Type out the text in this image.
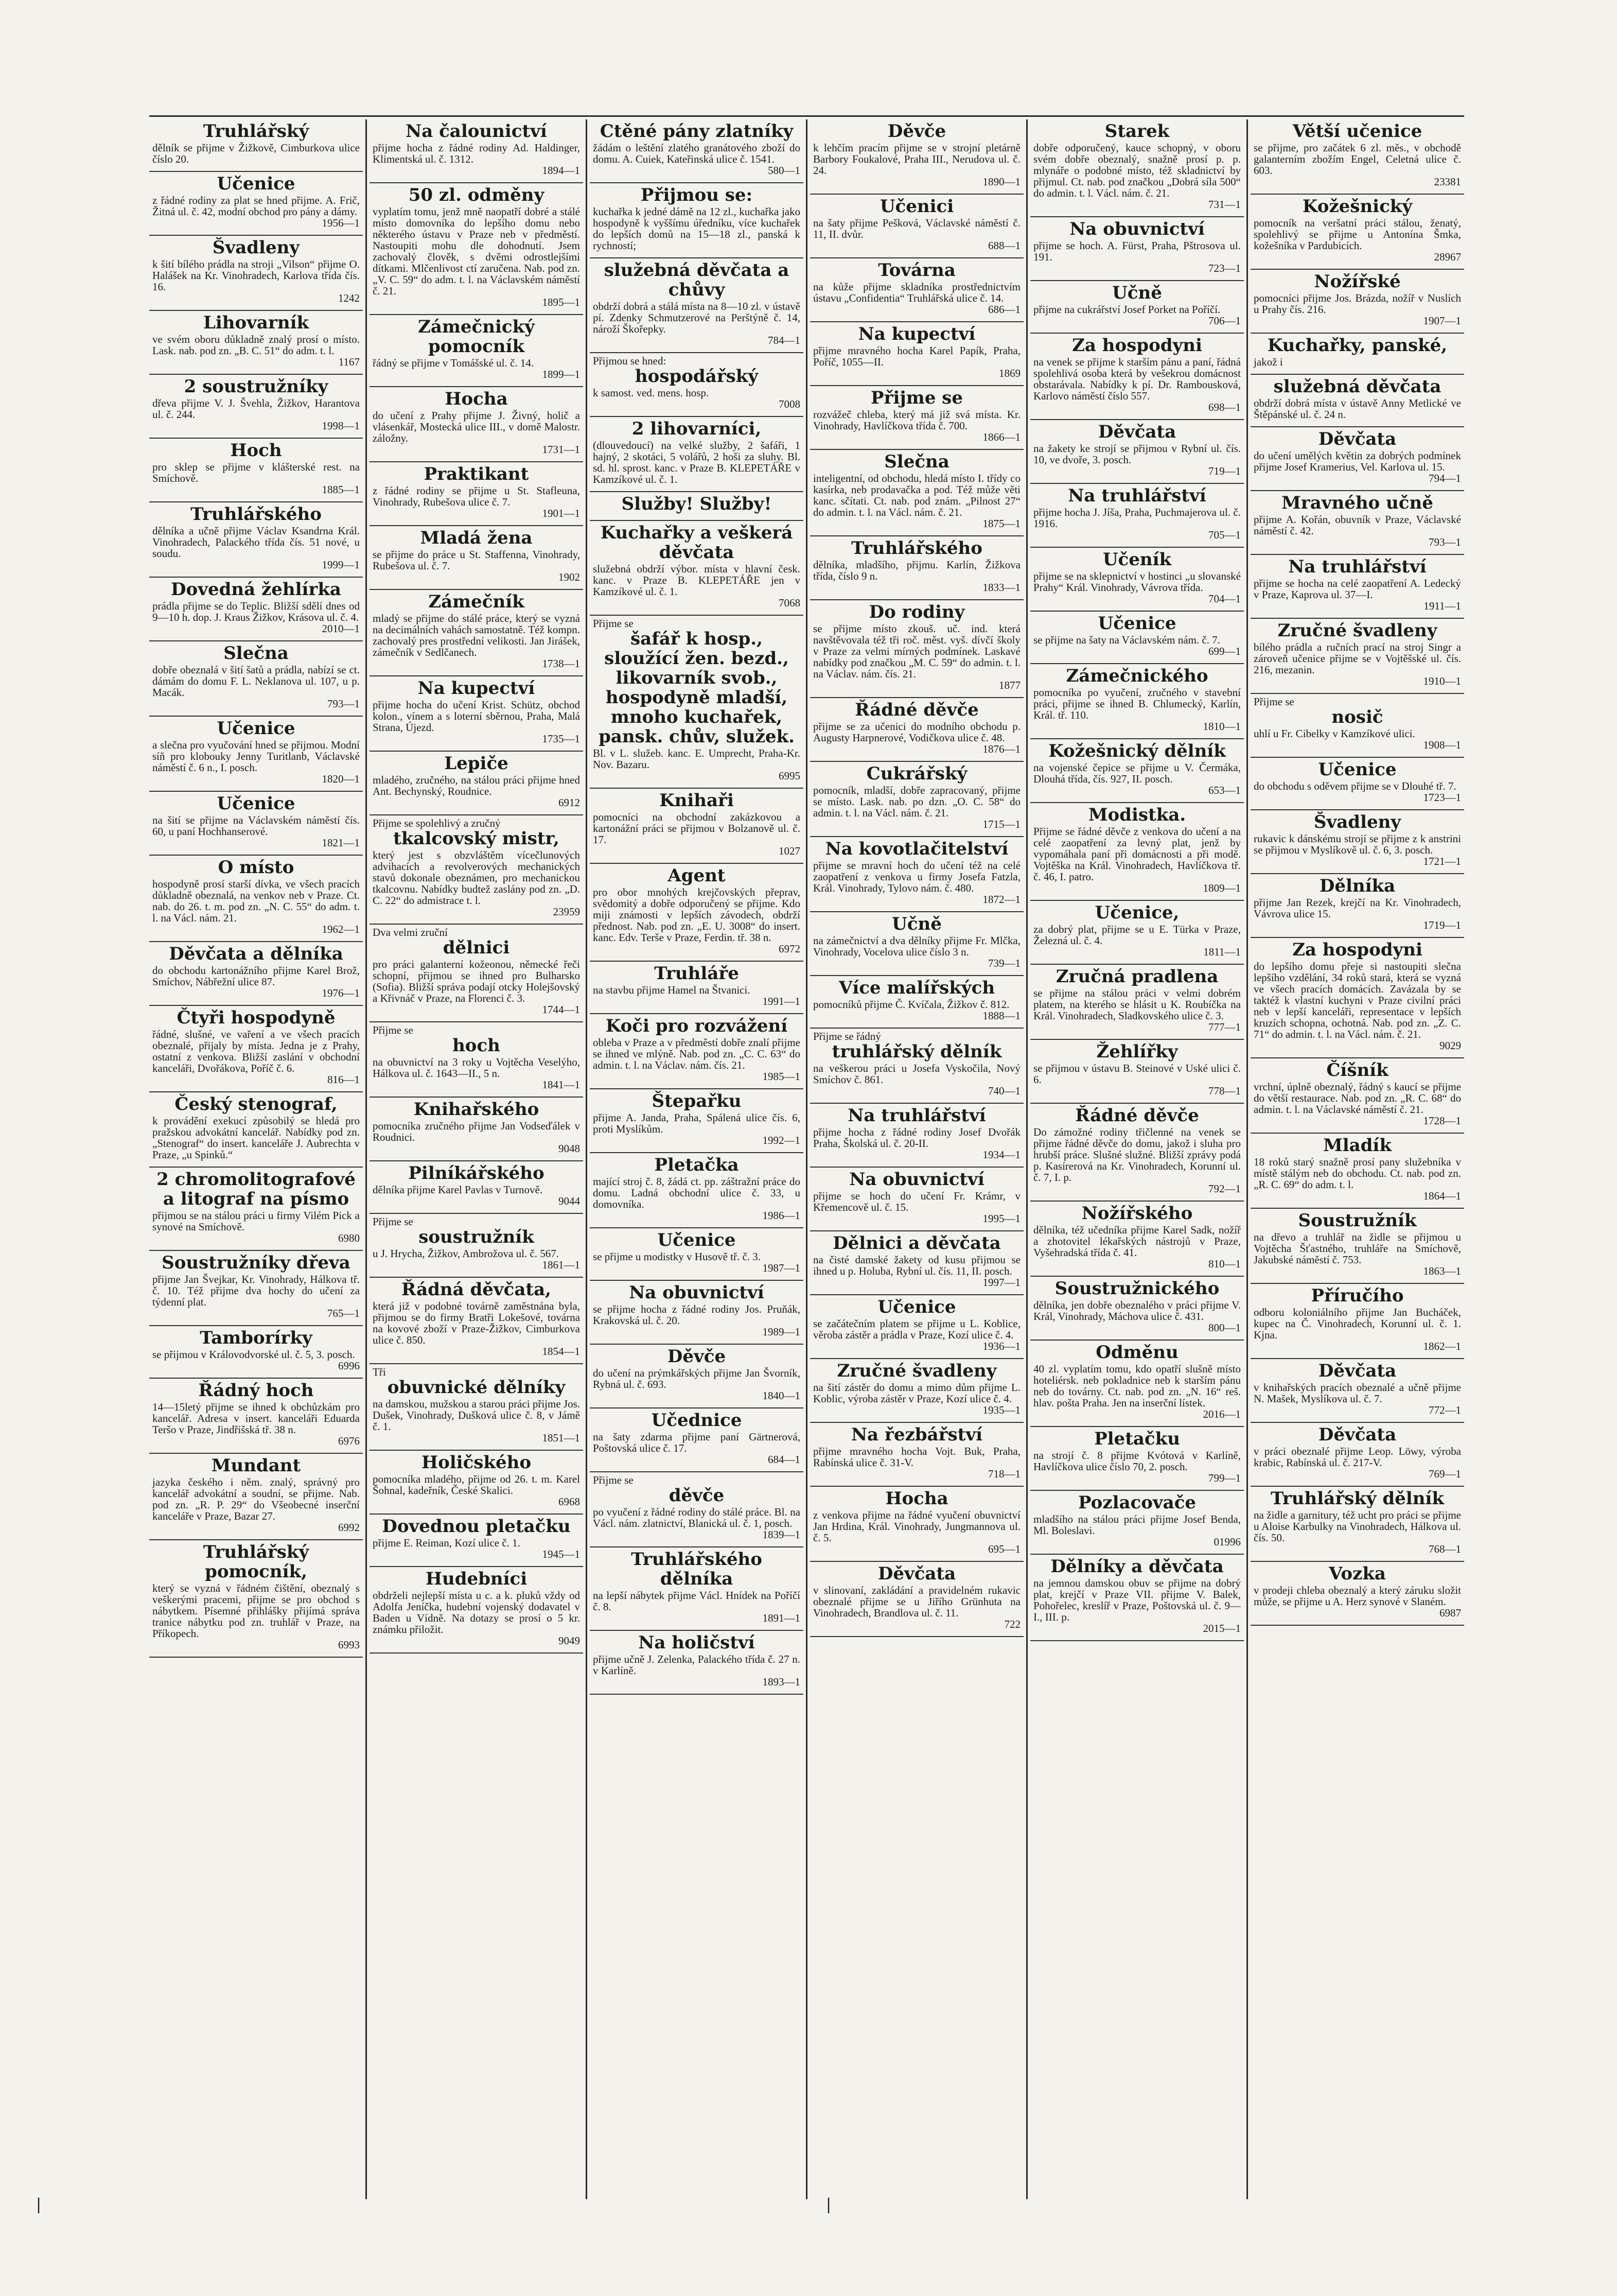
Truhlářský

dělník se přijme v Žižkově, Cimburkova ulice číslo 20.

Učenice

z řádné rodiny za plat se hned přijme. A. Frič, Žitná ul. č. 42, modní obchod pro pány a dámy.

1956—1
Švadleny

k šití bílého prádla na stroji „Vilson“ přijme O. Halášek na Kr. Vinohradech, Karlova třída čís. 16.

1242
Lihovarník

ve svém oboru důkladně znalý prosí o místo. Lask. nab. pod zn. „B. C. 51“ do adm. t. l.

1167
2 soustružníky

dřeva přijme V. J. Švehla, Žižkov, Harantova ul. č. 244.

1998—1
Hoch

pro sklep se přijme v klášterské rest. na Smíchově.

1885—1
Truhlářského

dělníka a učně přijme Václav Ksandrna Král. Vinohradech, Palackého třída čís. 51 nové, u soudu.

1999—1
Dovedná žehlírka

prádla přijme se do Teplic. Bližší sdělí dnes od 9—10 h. dop. J. Kraus Žižkov, Krásova ul. č. 4.

2010—1
Slečna

dobře obeznalá v šití šatů a prádla, nabízí se ct. dámám do domu F. L. Neklanova ul. 107, u p. Macák.

793—1
Učenice

a slečna pro vyučování hned se přijmou. Modní síň pro klobouky Jenny Turitlanb, Václavské náměstí č. 6 n., I. posch.

1820—1
Učenice

na šití se přijme na Václavském náměstí čís. 60, u paní Hochhanserové.

1821—1
O místo

hospodyně prosí starší dívka, ve všech pracích důkladně obeznalá, na venkov neb v Praze. Ct. nab. do 26. t. m. pod zn. „N. C. 55“ do adm. t. l. na Václ. nám. 21.

1962—1
Děvčata a dělníka

do obchodu kartonážního přijme Karel Brož, Smíchov, Nábřežní ulice 87.

1976—1
Čtyři hospodyně

řádné, slušné, ve vaření a ve všech pracích obeznalé, přijaly by místa. Jedna je z Prahy, ostatní z venkova. Bližší zaslání v obchodní kanceláři, Dvořákova, Poříč č. 6.

816—1
Český stenograf,

k provádění exekucí způsobilý se hledá pro pražskou advokátní kancelář. Nabídky pod zn. „Stenograf“ do insert. kanceláře J. Aubrechta v Praze, „u Spinků.“

2 chromolitografové a litograf na písmo

přijmou se na stálou práci u firmy Vilém Pick a synové na Smíchově.

6980
Soustružníky dřeva

přijme Jan Švejkar, Kr. Vinohrady, Hálkova tř. č. 10. Též přijme dva hochy do učení za týdenní plat.

765—1
Tamborírky

se přijmou v Královodvorské ul. č. 5, 3. posch.

6996
Řádný hoch

14—15letý přijme se ihned k obchůzkám pro kancelář. Adresa v insert. kanceláři Eduarda Teršo v Praze, Jindřišská tř. 38 n.

6976
Mundant

jazyka českého i něm. znalý, správný pro kancelář advokátní a soudní, se přijme. Nab. pod zn. „R. P. 29“ do Všeobecné inserční kanceláře v Praze, Bazar 27.

6992
Truhlářský pomocník,

který se vyzná v řádném čištění, obeznalý s veškerými pracemi, přijme se pro obchod s nábytkem. Písemné přihlášky přijímá správa tranice nábytku pod zn. truhlář v Praze, na Příkopech.

6993
Na čalounictví

přijme hocha z řádné rodiny Ad. Haldinger, Klimentská ul. č. 1312.

1894—1
50 zl. odměny

vyplatím tomu, jenž mně naopatří dobré a stálé místo domovníka do lepšího domu nebo některého ústavu v Praze neb v předměstí. Nastoupiti mohu dle dohodnutí. Jsem zachovalý člověk, s dvěmi odrostlejšími dítkami. Mlčenlivost ctí zaručena. Nab. pod zn. „V. C. 59“ do adm. t. l. na Václavském náměstí č. 21.

1895—1
Zámečnický pomocník

řádný se přijme v Tomášské ul. č. 14.

1899—1
Hocha

do učení z Prahy přijme J. Živný, holič a vlásenkář, Mostecká ulice III., v domě Malostr. záložny.

1731—1
Praktikant

z řádné rodiny se přijme u St. Stafleuna, Vinohrady, Rubešova ulice č. 7.

1901—1
Mladá žena

se přijme do práce u St. Staffenna, Vinohrady, Rubešova ul. č. 7.

1902
Zámečník

mladý se přijme do stálé práce, který se vyzná na decimálních vahách samostatně. Též kompn. zachovalý pres prostřední velikosti. Jan Jirášek, zámečník v Sedlčanech.

1738—1
Na kupectví

přijme hocha do učení Krist. Schütz, obchod kolon., vínem a s loterní sběrnou, Praha, Malá Strana, Újezd.

1735—1
Lepiče

mladého, zručného, na stálou práci přijme hned Ant. Bechynský, Roudnice.

6912
Přijme se spolehlivý a zručný
tkalcovský mistr,

který jest s obzvláštěm vícečlunových advihacích a revolverových mechanických stavů dokonale obeznámen, pro mechanickou tkalcovnu. Nabídky budtež zaslány pod zn. „D. C. 22“ do admistrace t. l.

23959
Dva velmi zruční
dělnici

pro práci galanterní kožeonou, německé řeči schopní, přijmou se ihned pro Bulharsko (Sofia). Bližší správa podají otcky Holejšovský a Křivnáč v Praze, na Florenci č. 3.

1744—1
Přijme se
hoch

na obuvnictví na 3 roky u Vojtěcha Veselýho, Hálkova ul. č. 1643—II., 5 n.

1841—1
Knihařského

pomocníka zručného přijme Jan Vodseďálek v Roudnici.

9048
Pilníkářského

dělníka přijme Karel Pavlas v Turnově.

9044
Přijme se
soustružník

u J. Hrycha, Žižkov, Ambrožova ul. č. 567.

1861—1
Řádná děvčata,

která již v podobné továrně zaměstnána byla, přijmou se do firmy Bratři Lokešové, továrna na kovové zboží v Praze-Žižkov, Cimburkova ulice č. 850.

1854—1
Tři
obuvnické dělníky

na damskou, mužskou a starou práci přijme Jos. Dušek, Vinohrady, Dušková ulice č. 8, v Jámě č. 1.

1851—1
Holičského

pomocníka mladého, přijme od 26. t. m. Karel Šohnal, kadeřník, České Skalici.

6968
Dovednou pletačku

přijme E. Reiman, Kozí ulice č. 1.

1945—1
Hudebníci

obdrželi nejlepší místa u c. a k. pluků vždy od Adolfa Jeníčka, hudební vojenský dodavatel v Baden u Vídně. Na dotazy se prosí o 5 kr. známku přiložit.

9049
Ctěné pány zlatníky

žádám o leštění zlatého granátového zboží do domu. A. Cuiek, Kateřinská ulice č. 1541.

580—1
Přijmou se:

kuchařka k jedné dámě na 12 zl., kuchařka jako hospodyně k vyššímu úředníku, více kuchařek do lepších domů na 15—18 zl., panská k rychností;

služebná děvčata a chůvy

obdrží dobrá a stálá místa na 8—10 zl. v ústavě pí. Zdenky Schmutzerové na Perštýně č. 14, nároží Škořepky.

784—1
Přijmou se hned:
hospodářský

k samost. ved. mens. hosp.

7008
2 lihovarníci,

(dlouvedoucí) na velké služby, 2 šafáři, 1 hajný, 2 skotáci, 5 volářů, 2 hoši za sluhy. Bl. sd. hl. sprost. kanc. v Praze B. KLEPETÁŘE v Kamzíkové ul. č. 1.

Služby! Služby!
Kuchařky a veškerá děvčata

služebná obdrží výbor. místa v hlavní česk. kanc. v Praze B. KLEPETÁŘE jen v Kamzíkové ul. č. 1.

7068
Přijme se
šafář k hosp., sloužící žen. bezd., likovarník svob., hospodyně mladší, mnoho kuchařek, pansk. chův, služek.

Bl. v L. služeb. kanc. E. Umprecht, Praha-Kr. Nov. Bazaru.

6995
Knihaři

pomocníci na obchodní zakázkovou a kartonážní práci se přijmou v Bolzanově ul. č. 17.

1027
Agent

pro obor mnohých krejčovských přeprav, svědomitý a dobře odporučený se přijme. Kdo miji známosti v lepších závodech, obdrží přednost. Nab. pod zn. „E. U. 3008“ do insert. kanc. Edv. Terše v Praze, Ferdin. tř. 38 n.

6972
Truhláře

na stavbu přijme Hamel na Štvanici.

1991—1
Koči pro rozvážení

obleba v Praze a v předměstí dobře znalí přijme se ihned ve mlýně. Nab. pod zn. „C. C. 63“ do admin. t. l. na Václav. nám. čís. 21.

1985—1
Štepařku

přijme A. Janda, Praha, Spálená ulice čís. 6, proti Myslíkům.

1992—1
Pletačka

mající stroj č. 8, žádá ct. pp. záštražní práce do domu. Ladná obchodní ulice č. 33, u domovníka.

1986—1
Učenice

se přijme u modistky v Husově tř. č. 3.

1987—1
Na obuvnictví

se přijme hocha z řádné rodiny Jos. Pruňák, Krakovská ul. č. 20.

1989—1
Děvče

do učení na prýmkářských přijme Jan Švorník, Rybná ul. č. 693.

1840—1
Učednice

na šaty zdarma přijme paní Gärtnerová, Poštovská ulice č. 17.

684—1
Přijme se
děvče

po vyučení z řádné rodiny do stálé práce. Bl. na Václ. nám. zlatnictví, Blanická ul. č. 1, posch.

1839—1
Truhlářského dělníka

na lepší nábytek přijme Václ. Hnídek na Poříčí č. 8.

1891—1
Na holičství

přijme učně J. Zelenka, Palackého třída č. 27 n. v Karlíně.

1893—1
Děvče

k lehčím pracím přijme se v strojní pletárně Barbory Foukalové, Praha III., Nerudova ul. č. 24.

1890—1
Učenici

na šaty přijme Pešková, Václavské náměstí č. 11, II. dvůr.

688—1
Továrna

na kůže přijme skladníka prostřednictvím ústavu „Confidentia“ Truhlářská ulice č. 14.

686—1
Na kupectví

přijme mravného hocha Karel Papík, Praha, Poříč, 1055—II.

1869
Přijme se

rozvážeč chleba, který má již svá místa. Kr. Vinohrady, Havlíčkova třída č. 700.

1866—1
Slečna

inteligentní, od obchodu, hledá místo I. třídy co kasírka, neb prodavačka a pod. Též může věti kanc. sčítati. Ct. nab. pod znám. „Pilnost 27“ do admin. t. l. na Václ. nám. č. 21.

1875—1
Truhlářského

dělníka, mladšího, přijmu. Karlín, Žižkova třída, číslo 9 n.

1833—1
Do rodiny

se přijme místo zkouš. uč. ind. která navštěvovala též tři roč. měst. vyš. dívčí školy v Praze za velmi mírných podmínek. Laskavé nabídky pod značkou „M. C. 59“ do admin. t. l. na Václav. nám. čís. 21.

1877
Řádné děvče

přijme se za učenici do modního obchodu p. Augusty Harpnerové, Vodičkova ulice č. 48.

1876—1
Cukrářský

pomocník, mladší, dobře zapracovaný, přijme se místo. Lask. nab. po dzn. „O. C. 58“ do admin. t. l. na Václ. nám. č. 21.

1715—1
Na kovotlačitelství

přijme se mravní hoch do učení též na celé zaopatření z venkova u firmy Josefa Fatzla, Král. Vinohrady, Tylovo nám. č. 480.

1872—1
Učně

na zámečnictví a dva dělníky přijme Fr. Mlčka, Vinohrady, Vocelova ulice číslo 3 n.

739—1
Více malířských

pomocníků přijme Č. Kvíčala, Žižkov č. 812.

1888—1
Přijme se řádný
truhlářský dělník

na veškerou práci u Josefa Vyskočila, Nový Smíchov č. 861.

740—1
Na truhlářství

přijme hocha z řádné rodiny Josef Dvořák Praha, Školská ul. č. 20-II.

1934—1
Na obuvnictví

přijme se hoch do učení Fr. Krámr, v Křemencově ul. č. 15.

1995—1
Dělnici a děvčata

na čisté damské žakety od kusu přijmou se ihned u p. Holuba, Rybní ul. čís. 11, II. posch.

1997—1
Učenice

se začátečním platem se přijme u L. Koblice, věroba zástěr a prádla v Praze, Kozí ulice č. 4.

1936—1
Zručné švadleny

na šití zástěr do domu a mimo dům přijme L. Koblic, výroba zástěr v Praze, Kozí ulice č. 4.

1935—1
Na řezbářství

přijme mravného hocha Vojt. Buk, Praha, Rabínská ulice č. 31-V.

718—1
Hocha

z venkova přijme na řádné vyučení obuvnictví Jan Hrdina, Král. Vinohrady, Jungmannova ul. č. 5.

695—1
Děvčata

v slinovaní, zakládání a pravidelném rukavic obeznalé přijme se u Jiřího Grünhuta na Vinohradech, Brandlova ul. č. 11.

722
Starek

dobře odporučený, kauce schopný, v oboru svém dobře obeznalý, snažně prosí p. p. mlynáře o podobné místo, též skladnictví by přijmul. Ct. nab. pod značkou „Dobrá síla 500“ do admin. t. l. Václ. nám. č. 21.

731—1
Na obuvnictví

přijme se hoch. A. Fürst, Praha, Pštrosova ul. 191.

723—1
Učně

přijme na cukrářství Josef Porket na Poříčí.

706—1
Za hospodyni

na venek se přijme k starším pánu a paní, řádná spolehlivá osoba která by vešekrou domácnost obstarávala. Nabídky k pí. Dr. Rambousková, Karlovo náměstí číslo 557.

698—1
Děvčata

na žakety ke strojí se přijmou v Rybní ul. čís. 10, ve dvoře, 3. posch.

719—1
Na truhlářství

přijme hocha J. Jíša, Praha, Puchmajerova ul. č. 1916.

705—1
Učeník

přijme se na sklepnictví v hostinci „u slovanské Prahy“ Král. Vinohrady, Vávrova třída.

704—1
Učenice

se přijme na šaty na Václavském nám. č. 7.

699—1
Zámečnického

pomocníka po vyučení, zručného v stavební práci, přijme se ihned B. Chlumecký, Karlín, Král. tř. 110.

1810—1
Kožešnický dělník

na vojenské čepice se přijme u V. Čermáka, Dlouhá třída, čís. 927, II. posch.

653—1
Modistka.

Přijme se řádné děvče z venkova do učení a na celé zaopatření za levný plat, jenž by vypomáhala paní při domácnosti a při modě. Vojtěška na Král. Vinohradech, Havlíčkova tř. č. 46, I. patro.

1809—1
Učenice,

za dobrý plat, přijme se u E. Türka v Praze, Železná ul. č. 4.

1811—1
Zručná pradlena

se přijme na stálou práci v velmi dobrém platem, na kterého se hlásit u K. Roubíčka na Král. Vinohradech, Sladkovského ulice č. 3.

777—1
Žehlířky

se přijmou v ústavu B. Steinové v Uské ulici č. 6.

778—1
Řádné děvče

Do zámožné rodiny třičlenné na venek se přijme řádné děvče do domu, jakož i sluha pro hrubší práce. Slušné služné. Bližší zprávy podá p. Kasírerová na Kr. Vinohradech, Korunní ul. č. 7, I. p.

792—1
Nožířského

dělníka, též učedníka přijme Karel Sadk, nožíř a zhotovitel lékařských nástrojů v Praze, Vyšehradská třída č. 41.

810—1
Soustružnického

dělníka, jen dobře obeznalého v práci přijme V. Král, Vinohrady, Máchova ulice č. 431.

800—1
Odměnu

40 zl. vyplatím tomu, kdo opatří slušně místo hoteliérsk. neb pokladnice neb k starším pánu neb do továrny. Ct. nab. pod zn. „N. 16“ reš. hlav. pošta Praha. Jen na inserční lístek.

2016—1
Pletačku

na strojí č. 8 přijme Kvótová v Karlíně, Havlíčkova ulice číslo 70, 2. posch.

799—1
Pozlacovače

mladšího na stálou práci přijme Josef Benda, Ml. Boleslavi.

01996
Dělníky a děvčata

na jemnou damskou obuv se přijme na dobrý plat, krejčí v Praze VII. přijme V. Balek, Pohořelec, kreslíř v Praze, Poštovská ul. č. 9—I., III. p.

2015—1
Větší učenice

se přijme, pro začátek 6 zl. měs., v obchodě galanterním zbožím Engel, Celetná ulice č. 603.

23381
Kožešnický

pomocník na veršatní práci stálou, ženatý, spolehlivý se přijme u Antonína Šmka, kožešníka v Pardubicích.

28967
Nožířské

pomocníci přijme Jos. Brázda, nožíř v Nuslích u Prahy čís. 216.

1907—1
Kuchařky, panské,

jakož i

služebná děvčata

obdrží dobrá místa v ústavě Anny Metlické ve Štěpánské ul. č. 24 n.

Děvčata

do učení umělých květin za dobrých podmínek přijme Josef Kramerius, Vel. Karlova ul. 15.

794—1
Mravného učně

přijme A. Kořán, obuvník v Praze, Václavské náměstí č. 42.

793—1
Na truhlářství

přijme se hocha na celé zaopatření A. Ledecký v Praze, Kaprova ul. 37—I.

1911—1
Zručné švadleny

bílého prádla a ručních prací na stroj Singr a zároveň učenice přijme se v Vojtěšské ul. čís. 216, mezanin.

1910—1
Přijme se
nosič

uhlí u Fr. Cibelky v Kamzíkové ulici.

1908—1
Učenice

do obchodu s oděvem přijme se v Dlouhé tř. 7.

1723—1
Švadleny

rukavic k dánskému strojí se přijme z k anstrini se přijmou v Myslíkově ul. č. 6, 3. posch.

1721—1
Dělníka

přijme Jan Rezek, krejčí na Kr. Vinohradech, Vávrova ulice 15.

1719—1
Za hospodyni

do lepšího domu přeje si nastoupiti slečna lepšího vzdělání, 34 roků stará, která se vyzná ve všech pracích domácích. Zavázala by se taktéž k vlastní kuchyni v Praze civilní práci neb v lepší kanceláři, representace v lepších kruzích schopna, ochotná. Nab. pod zn. „Z. C. 71“ do admin. t. l. na Václ. nám. č. 21.

9029
Číšník

vrchní, úplně obeznalý, řádný s kaucí se přijme do větší restaurace. Nab. pod zn. „R. C. 68“ do admin. t. l. na Václavské náměstí č. 21.

1728—1
Mladík

18 roků starý snažně prosí pany služebníka v místě stálým neb do obchodu. Ct. nab. pod zn. „R. C. 69“ do adm. t. l.

1864—1
Soustružník

na dřevo a truhlář na židle se přijmou u Vojtěcha Šťastného, truhláře na Smíchově, Jakubské náměstí č. 753.

1863—1
Příručího

odboru koloniálního přijme Jan Bucháček, kupec na Č. Vinohradech, Korunní ul. č. 1. Kjna.

1862—1
Děvčata

v knihařských pracích obeznalé a učně přijme N. Mašek, Myslíkova ul. č. 7.

772—1
Děvčata

v práci obeznalé přijme Leop. Löwy, výroba krabic, Rabínská ul. č. 217-V.

769—1
Truhlářský dělník

na židle a garnitury, též ucht pro práci se přijme u Aloise Karbulky na Vinohradech, Hálkova ul. čís. 50.

768—1
Vozka

v prodeji chleba obeznalý a který záruku složit může, se přijme u A. Herz synové v Slaném.

6987
|	|
